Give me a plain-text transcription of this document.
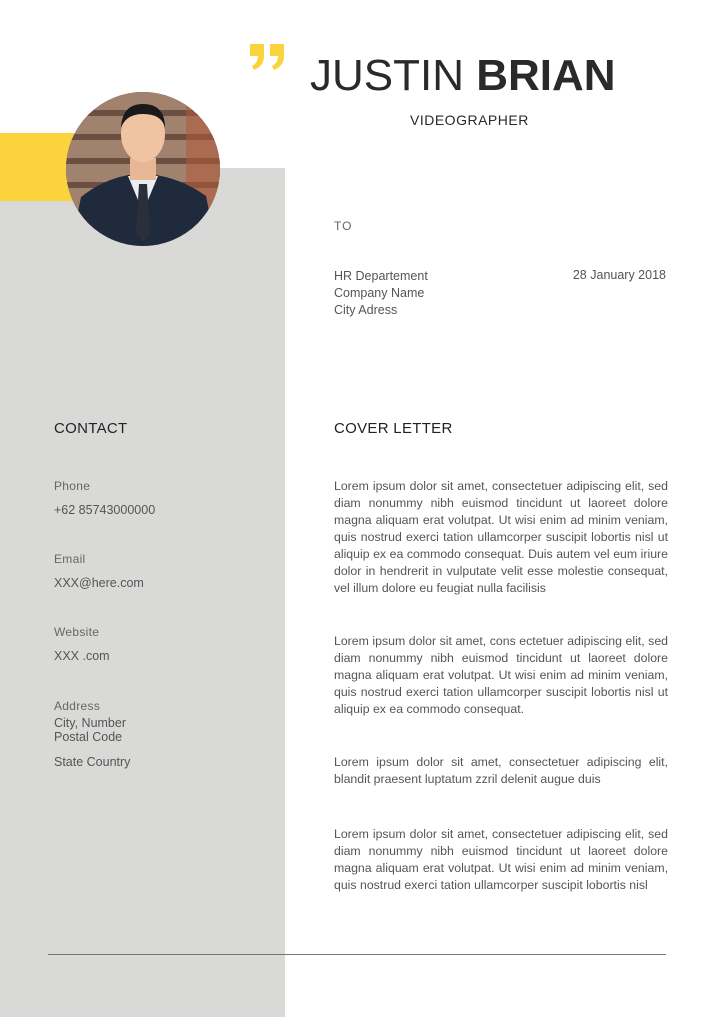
JUSTIN BRIAN
VIDEOGRAPHER
TO
HR Departement
Company Name
City Adress
28 January 2018
CONTACT
Phone
+62 85743000000
Email
XXX@here.com
Website
XXX .com
Address
City, Number
Postal Code
State Country
COVER LETTER
Lorem ipsum dolor sit amet, consectetuer adipiscing elit, sed diam nonummy nibh euismod tincidunt ut laoreet dolore magna aliquam erat volutpat. Ut wisi enim ad minim veniam, quis nostrud exerci tation ullamcorper suscipit lobortis nisl ut aliquip ex ea commodo consequat. Duis autem vel eum iriure dolor in hendrerit in vulputate velit esse molestie consequat, vel illum dolore eu feugiat nulla facilisis
Lorem ipsum dolor sit amet, cons ectetuer adipiscing elit, sed diam nonummy nibh euismod tincidunt ut laoreet dolore magna aliquam erat volutpat. Ut wisi enim ad minim veniam, quis nostrud exerci tation ullamcorper suscipit lobortis nisl ut aliquip ex ea commodo consequat.
Lorem ipsum dolor sit amet, consectetuer adipiscing elit, blandit praesent luptatum zzril delenit augue duis
Lorem ipsum dolor sit amet, consectetuer adipiscing elit, sed diam nonummy nibh euismod tincidunt ut laoreet dolore magna aliquam erat volutpat. Ut wisi enim ad minim veniam, quis nostrud exerci tation ullamcorper suscipit lobortis nisl
